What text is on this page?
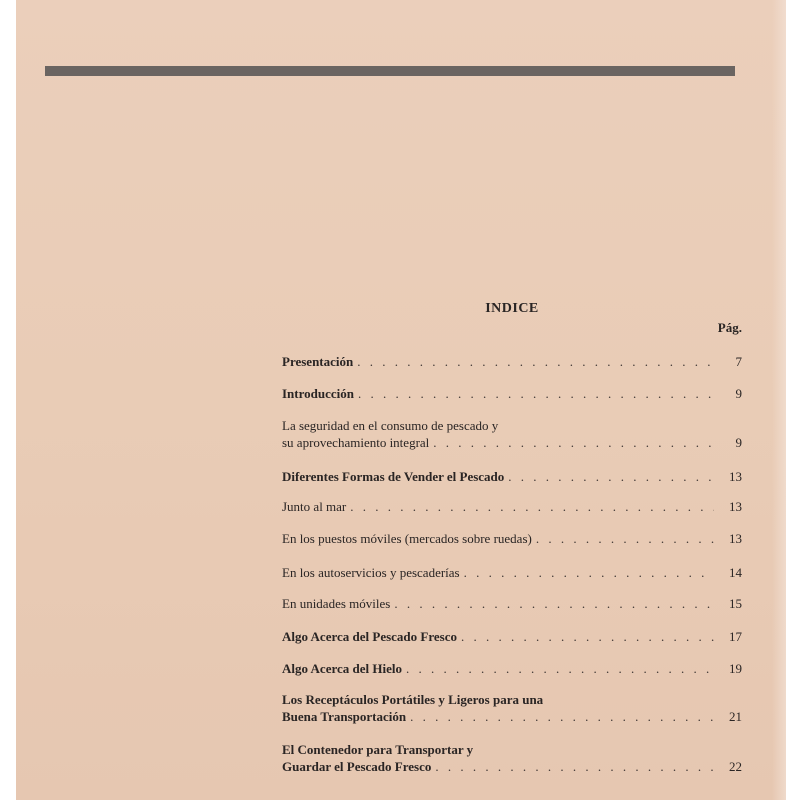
INDICE
Pág.
Presentación . . .	7
Introducción . . .	9
La seguridad en el consumo de pescado y
su aprovechamiento integral . . .	9
Diferentes Formas de Vender el Pescado . . .	13
Junto al mar . . .	13
En los puestos móviles (mercados sobre ruedas) . . .	13
En los autoservicios y pescaderías . . .	14
En unidades móviles . . .	15
Algo Acerca del Pescado Fresco . . .	17
Algo Acerca del Hielo . . .	19
Los Receptáculos Portátiles y Ligeros para una
Buena Transportación . . .	21
El Contenedor para Transportar y
Guardar el Pescado Fresco . . .	22
